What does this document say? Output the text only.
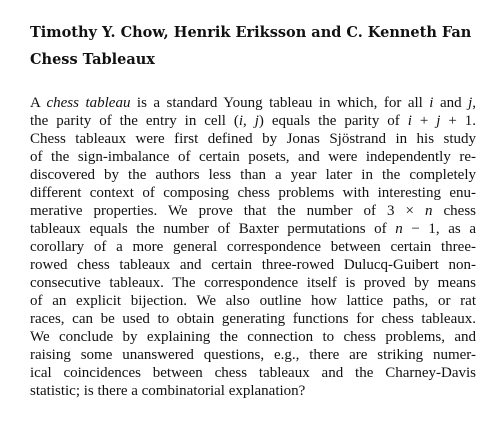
Timothy Y. Chow, Henrik Eriksson and C. Kenneth Fan
Chess Tableaux
A chess tableau is a standard Young tableau in which, for all i and j,
the parity of the entry in cell (i, j) equals the parity of i + j + 1.
Chess tableaux were first defined by Jonas Sjöstrand in his study
of the sign-imbalance of certain posets, and were independently re-
discovered by the authors less than a year later in the completely
different context of composing chess problems with interesting enu-
merative properties. We prove that the number of 3 × n chess
tableaux equals the number of Baxter permutations of n − 1, as a
corollary of a more general correspondence between certain three-
rowed chess tableaux and certain three-rowed Dulucq-Guibert non-
consecutive tableaux. The correspondence itself is proved by means
of an explicit bijection. We also outline how lattice paths, or rat
races, can be used to obtain generating functions for chess tableaux.
We conclude by explaining the connection to chess problems, and
raising some unanswered questions, e.g., there are striking numer-
ical coincidences between chess tableaux and the Charney-Davis
statistic; is there a combinatorial explanation?
